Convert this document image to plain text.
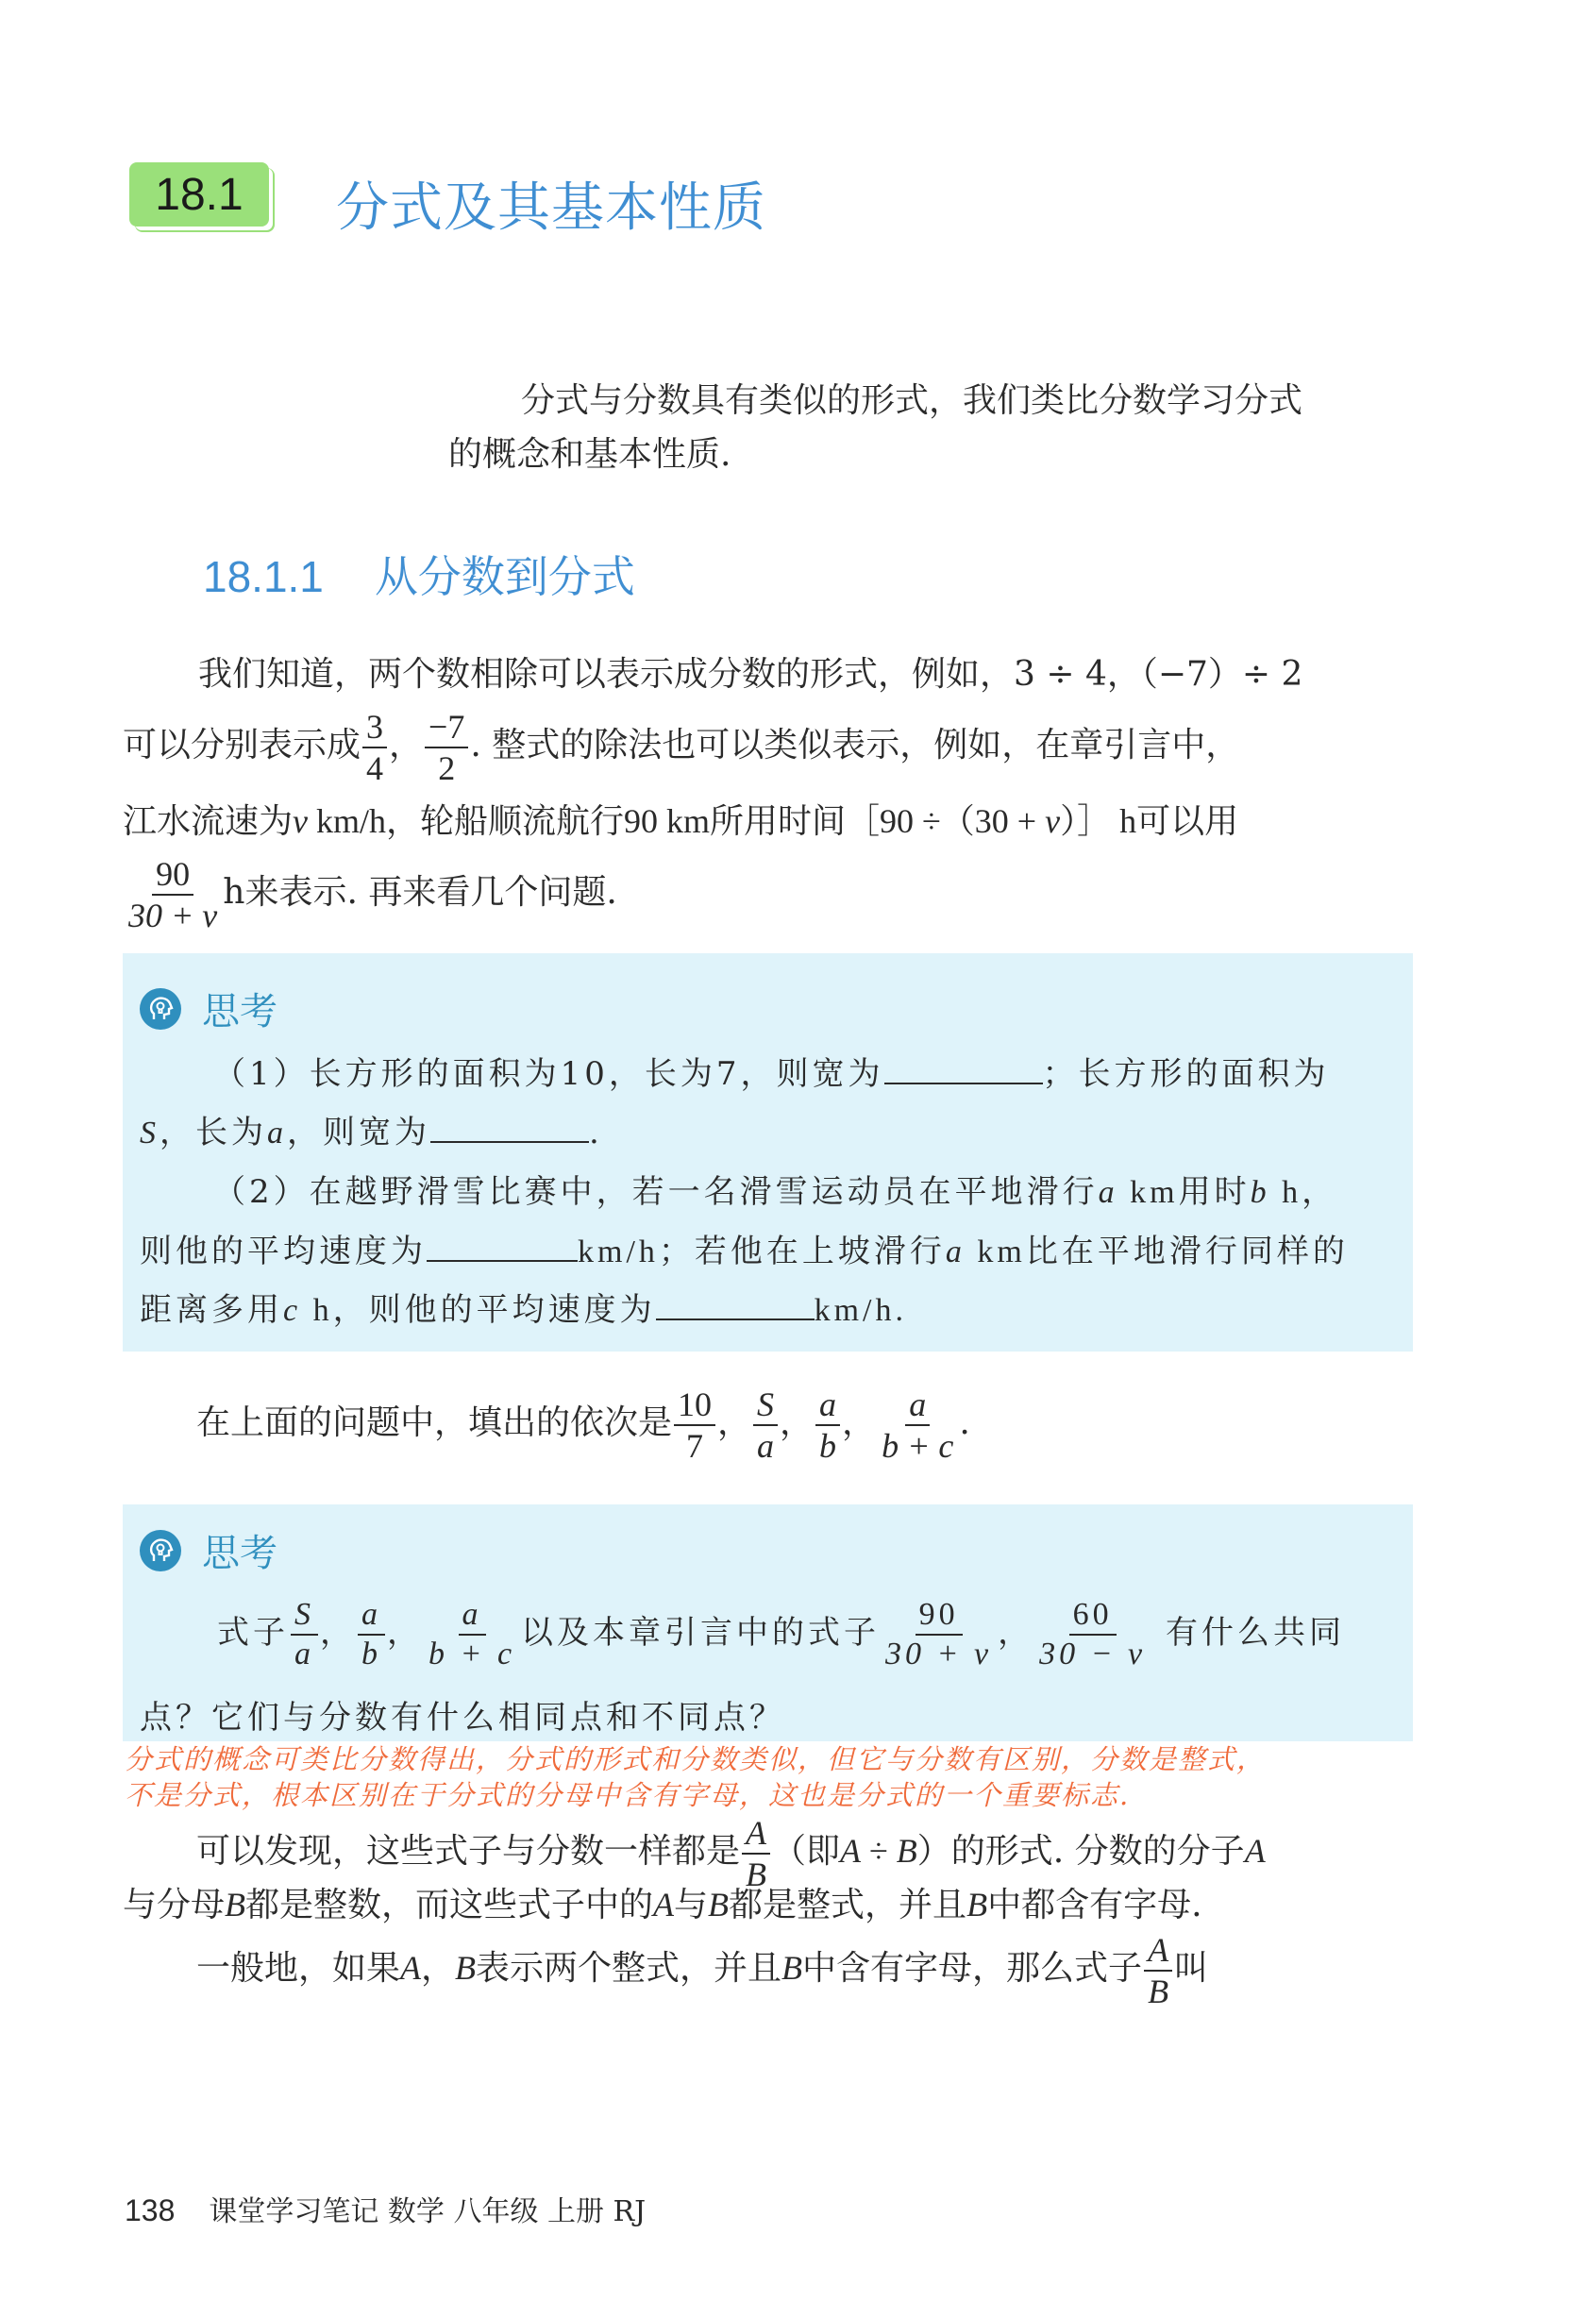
18.1 分式及其基本性质
分式与分数具有类似的形式，我们类比分数学习分式
的概念和基本性质.
18.1.1 从分数到分式
我们知道，两个数相除可以表示成分数的形式，例如，3 ÷ 4，（−7）÷ 2
可以分别表示成 $\frac{3}{4}$ ， $\frac{-7}{2}$ . 整式的除法也可以类似表示，例如，在章引言中，
江水流速为v km/h，轮船顺流航行90 km所用时间［90 ÷（30 + v）］ h可以用
$\frac{90}{30 + v}$ h来表示. 再来看几个问题.
思考
（1）长方形的面积为10，长为7，则宽为	；长方形的面积为
S，长为a，则宽为	.
（2）在越野滑雪比赛中，若一名滑雪运动员在平地滑行a km用时b h，
则他的平均速度为	km/h；若他在上坡滑行a km比在平地滑行同样的
距离多用c h，则他的平均速度为	km/h.
在上面的问题中，填出的依次是 $\frac{10}{7}$ ， $\frac{S}{a}$ ， $\frac{a}{b}$ ， $\frac{a}{b + c}$ .
思考
式子 $\frac{S}{a}$ ， $\frac{a}{b}$ ， $\frac{a}{b + c}$ 以及本章引言中的式子 $\frac{90}{30 + v}$ ， $\frac{60}{30 - v}$ 有什么共同
点？它们与分数有什么相同点和不同点？
分式的概念可类比分数得出，分式的形式和分数类似，但它与分数有区别，分数是整式，
不是分式，根本区别在于分式的分母中含有字母，这也是分式的一个重要标志.
可以发现，这些式子与分数一样都是 $\frac{A}{B}$ （即A ÷ B）的形式. 分数的分子A
与分母B都是整数，而这些式子中的A与B都是整式，并且B中都含有字母.
一般地，如果A，B表示两个整式，并且B中含有字母，那么式子 $\frac{A}{B}$ 叫
138 课堂学习笔记 数学 八年级 上册 RJ
